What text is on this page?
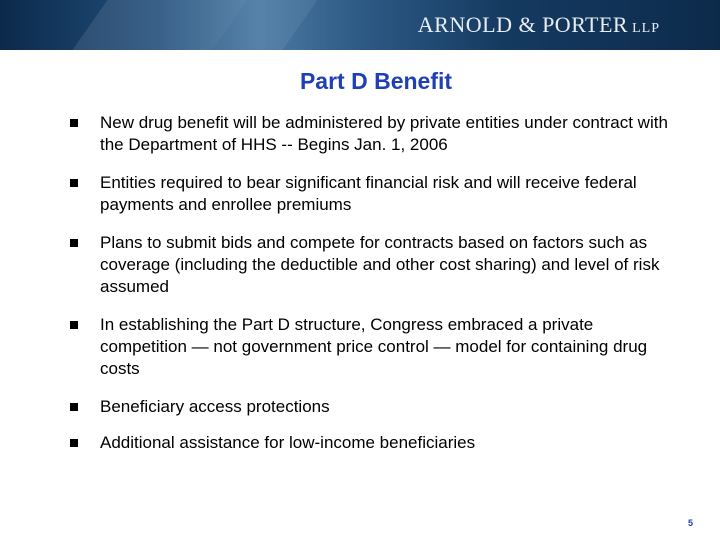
ARNOLD & PORTER LLP
Part D Benefit
New drug benefit will be administered by private entities under contract with the Department of HHS -- Begins Jan. 1, 2006
Entities required to bear significant financial risk and will receive federal payments and enrollee premiums
Plans to submit bids and compete for contracts based on factors such as coverage (including the deductible and other cost sharing) and level of risk assumed
In establishing the Part D structure, Congress embraced a private competition — not government price control — model for containing drug costs
Beneficiary access protections
Additional assistance for low-income beneficiaries
5
